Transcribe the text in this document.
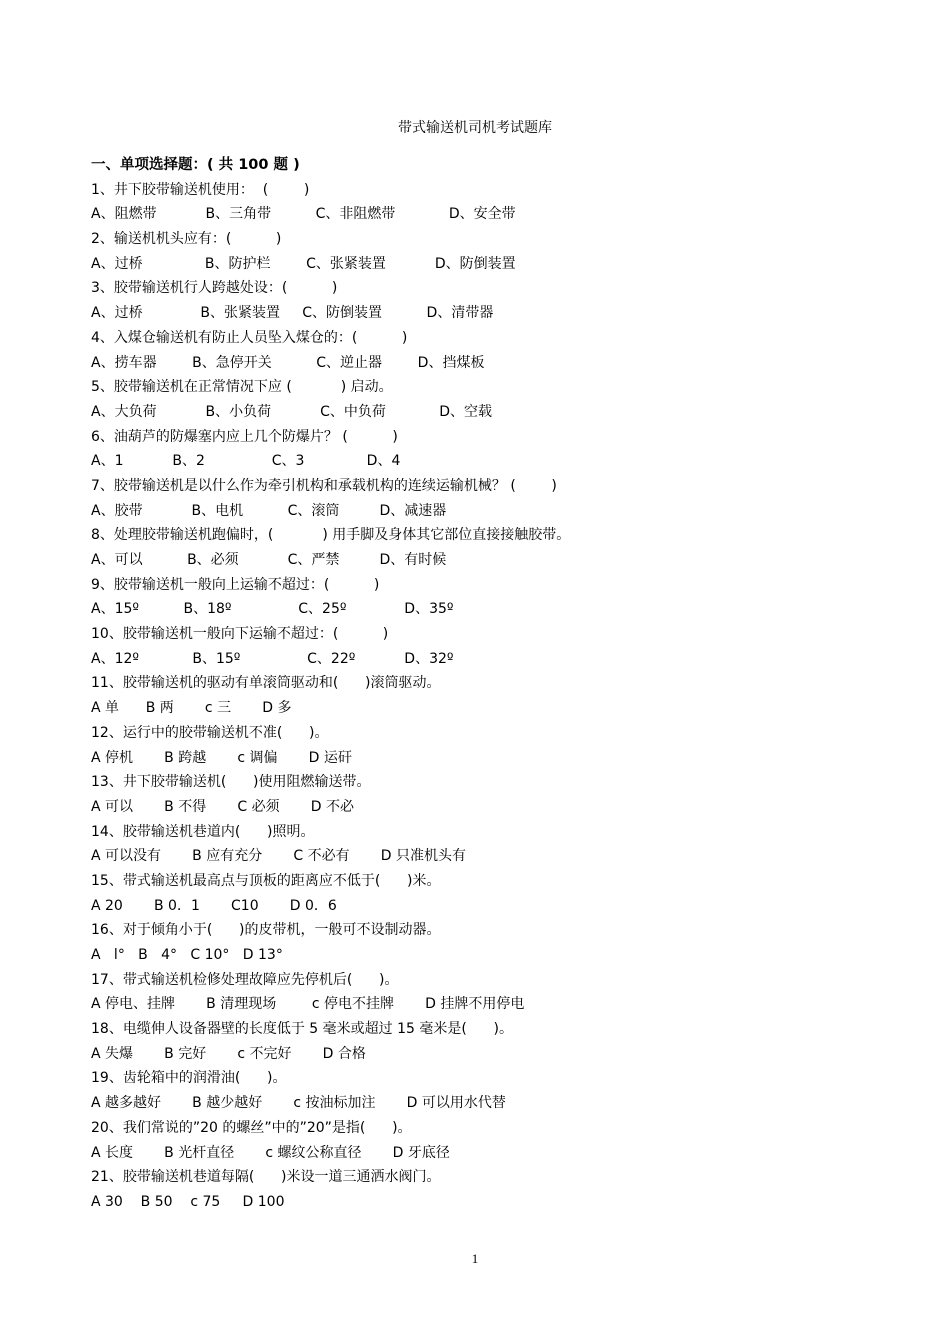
带式输送机司机考试题库
一、单项选择题：( 共 100 题 )
1、井下胶带输送机使用：  (        )
A、阻燃带           B、三角带          C、非阻燃带            D、安全带
2、输送机机头应有：(          )
A、过桥              B、防护栏        C、张紧装置           D、防倒装置
3、胶带输送机行人跨越处设：(          )
A、过桥             B、张紧装置     C、防倒装置          D、清带器
4、入煤仓输送机有防止人员坠入煤仓的：(          )
A、捞车器        B、急停开关          C、逆止器        D、挡煤板
5、胶带输送机在正常情况下应 (           ) 启动。
A、大负荷           B、小负荷           C、中负荷            D、空载
6、油葫芦的防爆塞内应上几个防爆片？ (          )
A、1           B、2               C、3              D、4
7、胶带输送机是以什么作为牵引机构和承载机构的连续运输机械？ (        )
A、胶带           B、电机          C、滚筒         D、减速器
8、处理胶带输送机跑偏时，(           ) 用手脚及身体其它部位直接接触胶带。
A、可以          B、必须           C、严禁         D、有时候
9、胶带输送机一般向上运输不超过：(          )
A、15º          B、18º               C、25º             D、35º
10、胶带输送机一般向下运输不超过：(          )
A、12º            B、15º               C、22º           D、32º
11、胶带输送机的驱动有单滚筒驱动和(      )滚筒驱动。
A 单      B 两       c 三       D 多
12、运行中的胶带输送机不准(      )。
A 停机       B 跨越       c 调偏       D 运矸
13、井下胶带输送机(      )使用阻燃输送带。
A 可以       B 不得       C 必须       D 不必
14、胶带输送机巷道内(      )照明。
A 可以没有       B 应有充分       C 不必有       D 只准机头有
15、带式输送机最高点与顶板的距离应不低于(      )米。
A 20       B 0．1       C10       D 0．6
16、对于倾角小于(      )的皮带机，一般可不设制动器。
A   l°   B   4°   C 10°   D 13°
17、带式输送机检修处理故障应先停机后(      )。
A 停电、挂牌       B 清理现场        c 停电不挂牌       D 挂牌不用停电
18、电缆伸人设备器壁的长度低于 5 毫米或超过 15 毫米是(      )。
A 失爆       B 完好       c 不完好       D 合格
19、齿轮箱中的润滑油(      )。
A 越多越好       B 越少越好       c 按油标加注       D 可以用水代替
20、我们常说的”20 的螺丝”中的”20”是指(      )。
A 长度       B 光杆直径       c 螺纹公称直径       D 牙底径
21、胶带输送机巷道每隔(      )米设一道三通洒水阀门。
A 30    B 50    c 75     D 100
1
